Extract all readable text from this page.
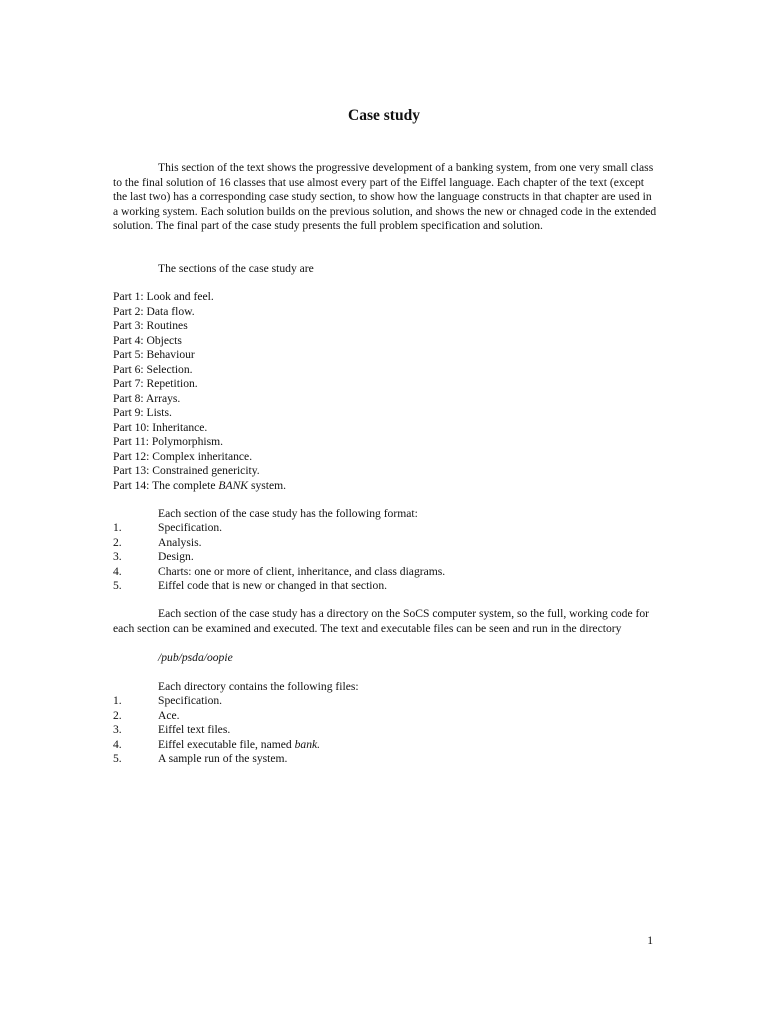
Case study

This section of the text shows the progressive development of a banking system, from one very small class to the final solution of 16 classes that use almost every part of the Eiffel language. Each chapter of the text (except the last two) has a corresponding case study section, to show how the language constructs in that chapter are used in a working system. Each solution builds on the previous solution, and shows the new or chnaged code in the extended solution. The final part of the case study presents the full problem specification and solution.

The sections of the case study are

Part 1: Look and feel.
Part 2: Data flow.
Part 3: Routines
Part 4: Objects
Part 5: Behaviour
Part 6: Selection.
Part 7: Repetition.
Part 8: Arrays.
Part 9: Lists.
Part 10: Inheritance.
Part 11: Polymorphism.
Part 12: Complex inheritance.
Part 13: Constrained genericity.
Part 14: The complete BANK system.

Each section of the case study has the following format:

1.	Specification.
2.	Analysis.
3.	Design.
4.	Charts: one or more of client, inheritance, and class diagrams.
5.	Eiffel code that is new or changed in that section.

Each section of the case study has a directory on the SoCS computer system, so the full, working code for each section can be examined and executed. The text and executable files can be seen and run in the directory

/pub/psda/oopie

Each directory contains the following files:

1.	Specification.
2.	Ace.
3.	Eiffel text files.
4.	Eiffel executable file, named bank.
5.	A sample run of the system.

1
